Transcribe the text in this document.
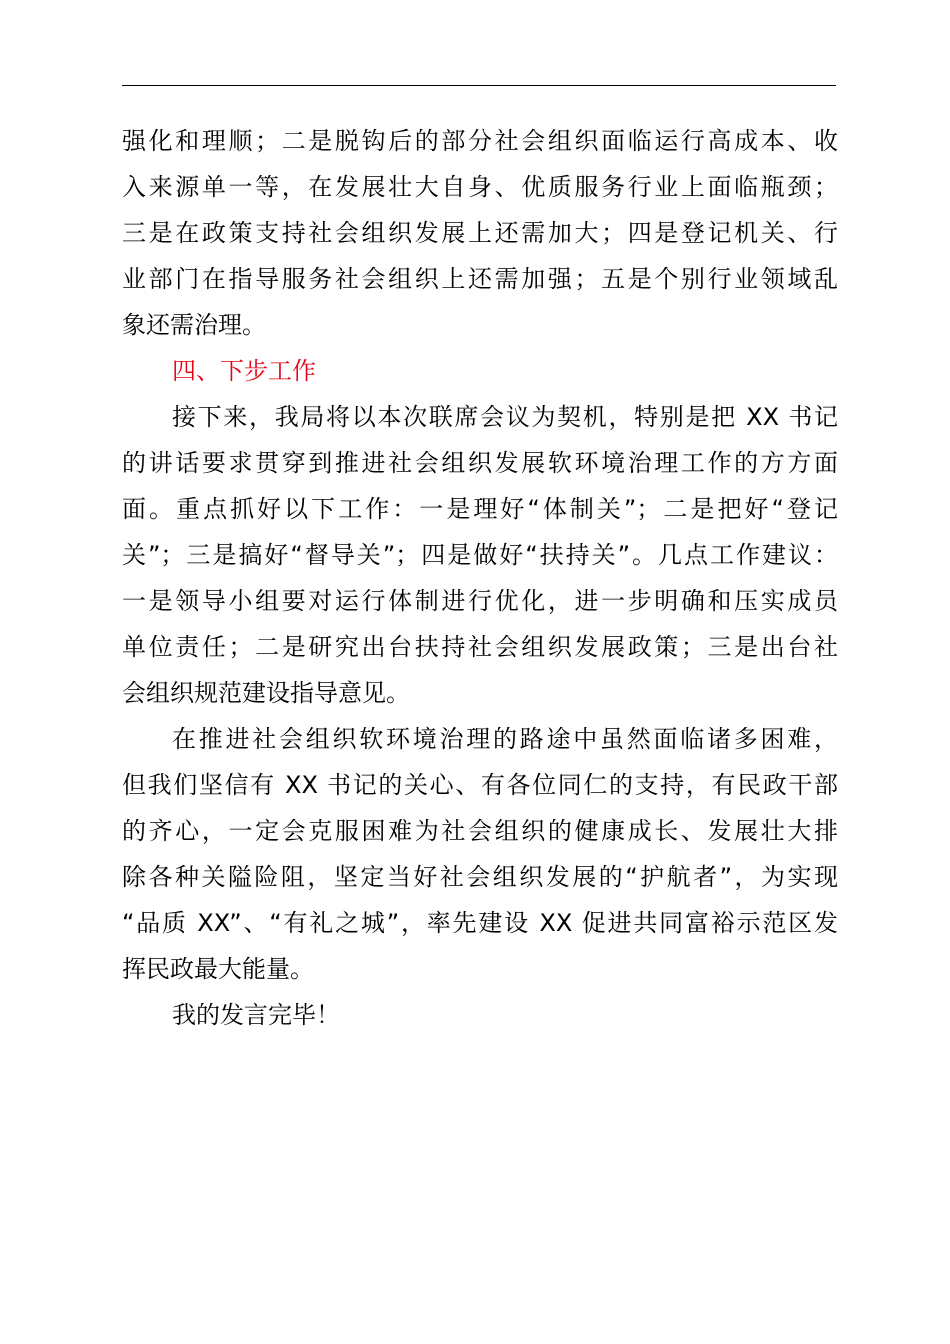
强化和理顺；二是脱钩后的部分社会组织面临运行高成本、收
入来源单一等，在发展壮大自身、优质服务行业上面临瓶颈；
三是在政策支持社会组织发展上还需加大；四是登记机关、行
业部门在指导服务社会组织上还需加强；五是个别行业领域乱
象还需治理。
四、下步工作
接下来，我局将以本次联席会议为契机，特别是把 XX 书记
的讲话要求贯穿到推进社会组织发展软环境治理工作的方方面
面。重点抓好以下工作：一是理好“体制关”；二是把好“登记
关”；三是搞好“督导关”；四是做好“扶持关”。几点工作建议：
一是领导小组要对运行体制进行优化，进一步明确和压实成员
单位责任；二是研究出台扶持社会组织发展政策；三是出台社
会组织规范建设指导意见。
在推进社会组织软环境治理的路途中虽然面临诸多困难，
但我们坚信有 XX 书记的关心、有各位同仁的支持，有民政干部
的齐心，一定会克服困难为社会组织的健康成长、发展壮大排
除各种关隘险阻，坚定当好社会组织发展的“护航者”，为实现
“品质 XX”、“有礼之城”，率先建设 XX 促进共同富裕示范区发
挥民政最大能量。
我的发言完毕！
